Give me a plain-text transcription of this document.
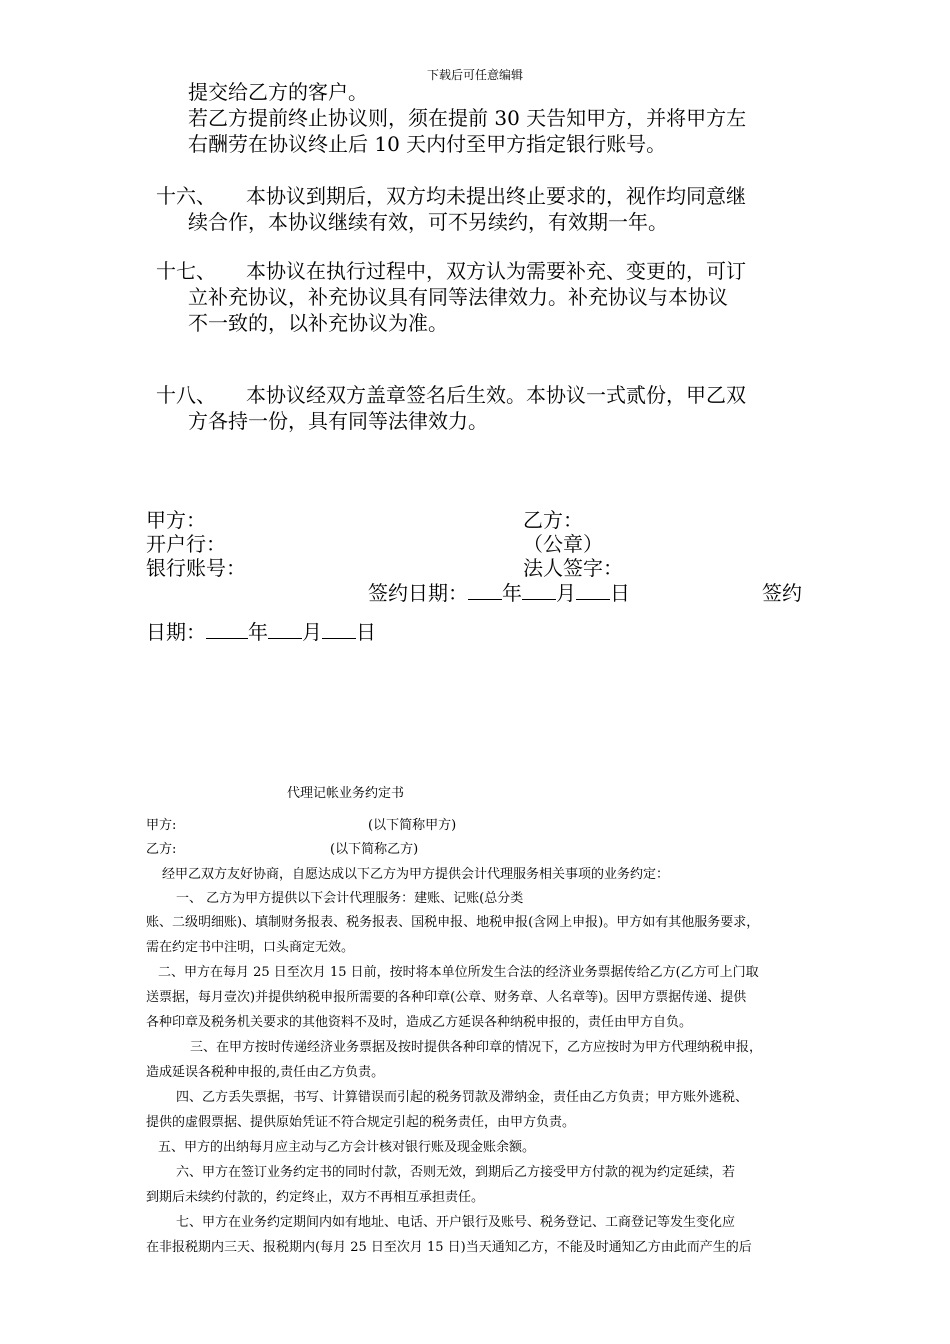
下载后可任意编辑
提交给乙方的客户。
若乙方提前终止协议则，须在提前 30 天告知甲方，并将甲方左
右酬劳在协议终止后 10 天内付至甲方指定银行账号。
十六、 本协议到期后，双方均未提出终止要求的，视作均同意继
续合作，本协议继续有效，可不另续约，有效期一年。
十七、 本协议在执行过程中，双方认为需要补充、变更的，可订
立补充协议，补充协议具有同等法律效力。补充协议与本协议
不一致的，以补充协议为准。
十八、 本协议经双方盖章签名后生效。本协议一式贰份，甲乙双
方各持一份，具有同等法律效力。
甲方：
开户行：
银行账号：
乙方：
（公章）
法人签字：
签约日期： 年 月 日	签约
日期： 年 月 日
代理记帐业务约定书
甲方:	(以下简称甲方)
乙方:	(以下简称乙方)
经甲乙双方友好协商，自愿达成以下乙方为甲方提供会计代理服务相关事项的业务约定：
一、 乙方为甲方提供以下会计代理服务：建账、记账(总分类
账、二级明细账)、填制财务报表、税务报表、国税申报、地税申报(含网上申报)。甲方如有其他服务要求，
需在约定书中注明，口头商定无效。
二、甲方在每月 25 日至次月 15 日前，按时将本单位所发生合法的经济业务票据传给乙方(乙方可上门取
送票据，每月壹次)并提供纳税申报所需要的各种印章(公章、财务章、人名章等)。因甲方票据传递、提供
各种印章及税务机关要求的其他资料不及时，造成乙方延误各种纳税申报的，责任由甲方自负。
三、在甲方按时传递经济业务票据及按时提供各种印章的情况下，乙方应按时为甲方代理纳税申报，
造成延误各税种申报的,责任由乙方负责。
四、乙方丢失票据，书写、计算错误而引起的税务罚款及滞纳金，责任由乙方负责；甲方账外逃税、
提供的虚假票据、提供原始凭证不符合规定引起的税务责任，由甲方负责。
五、甲方的出纳每月应主动与乙方会计核对银行账及现金账余额。
六、甲方在签订业务约定书的同时付款，否则无效，到期后乙方接受甲方付款的视为约定延续，若
到期后未续约付款的，约定终止，双方不再相互承担责任。
七、甲方在业务约定期间内如有地址、电话、开户银行及账号、税务登记、工商登记等发生变化应
在非报税期内三天、报税期内(每月 25 日至次月 15 日)当天通知乙方，不能及时通知乙方由此而产生的后
